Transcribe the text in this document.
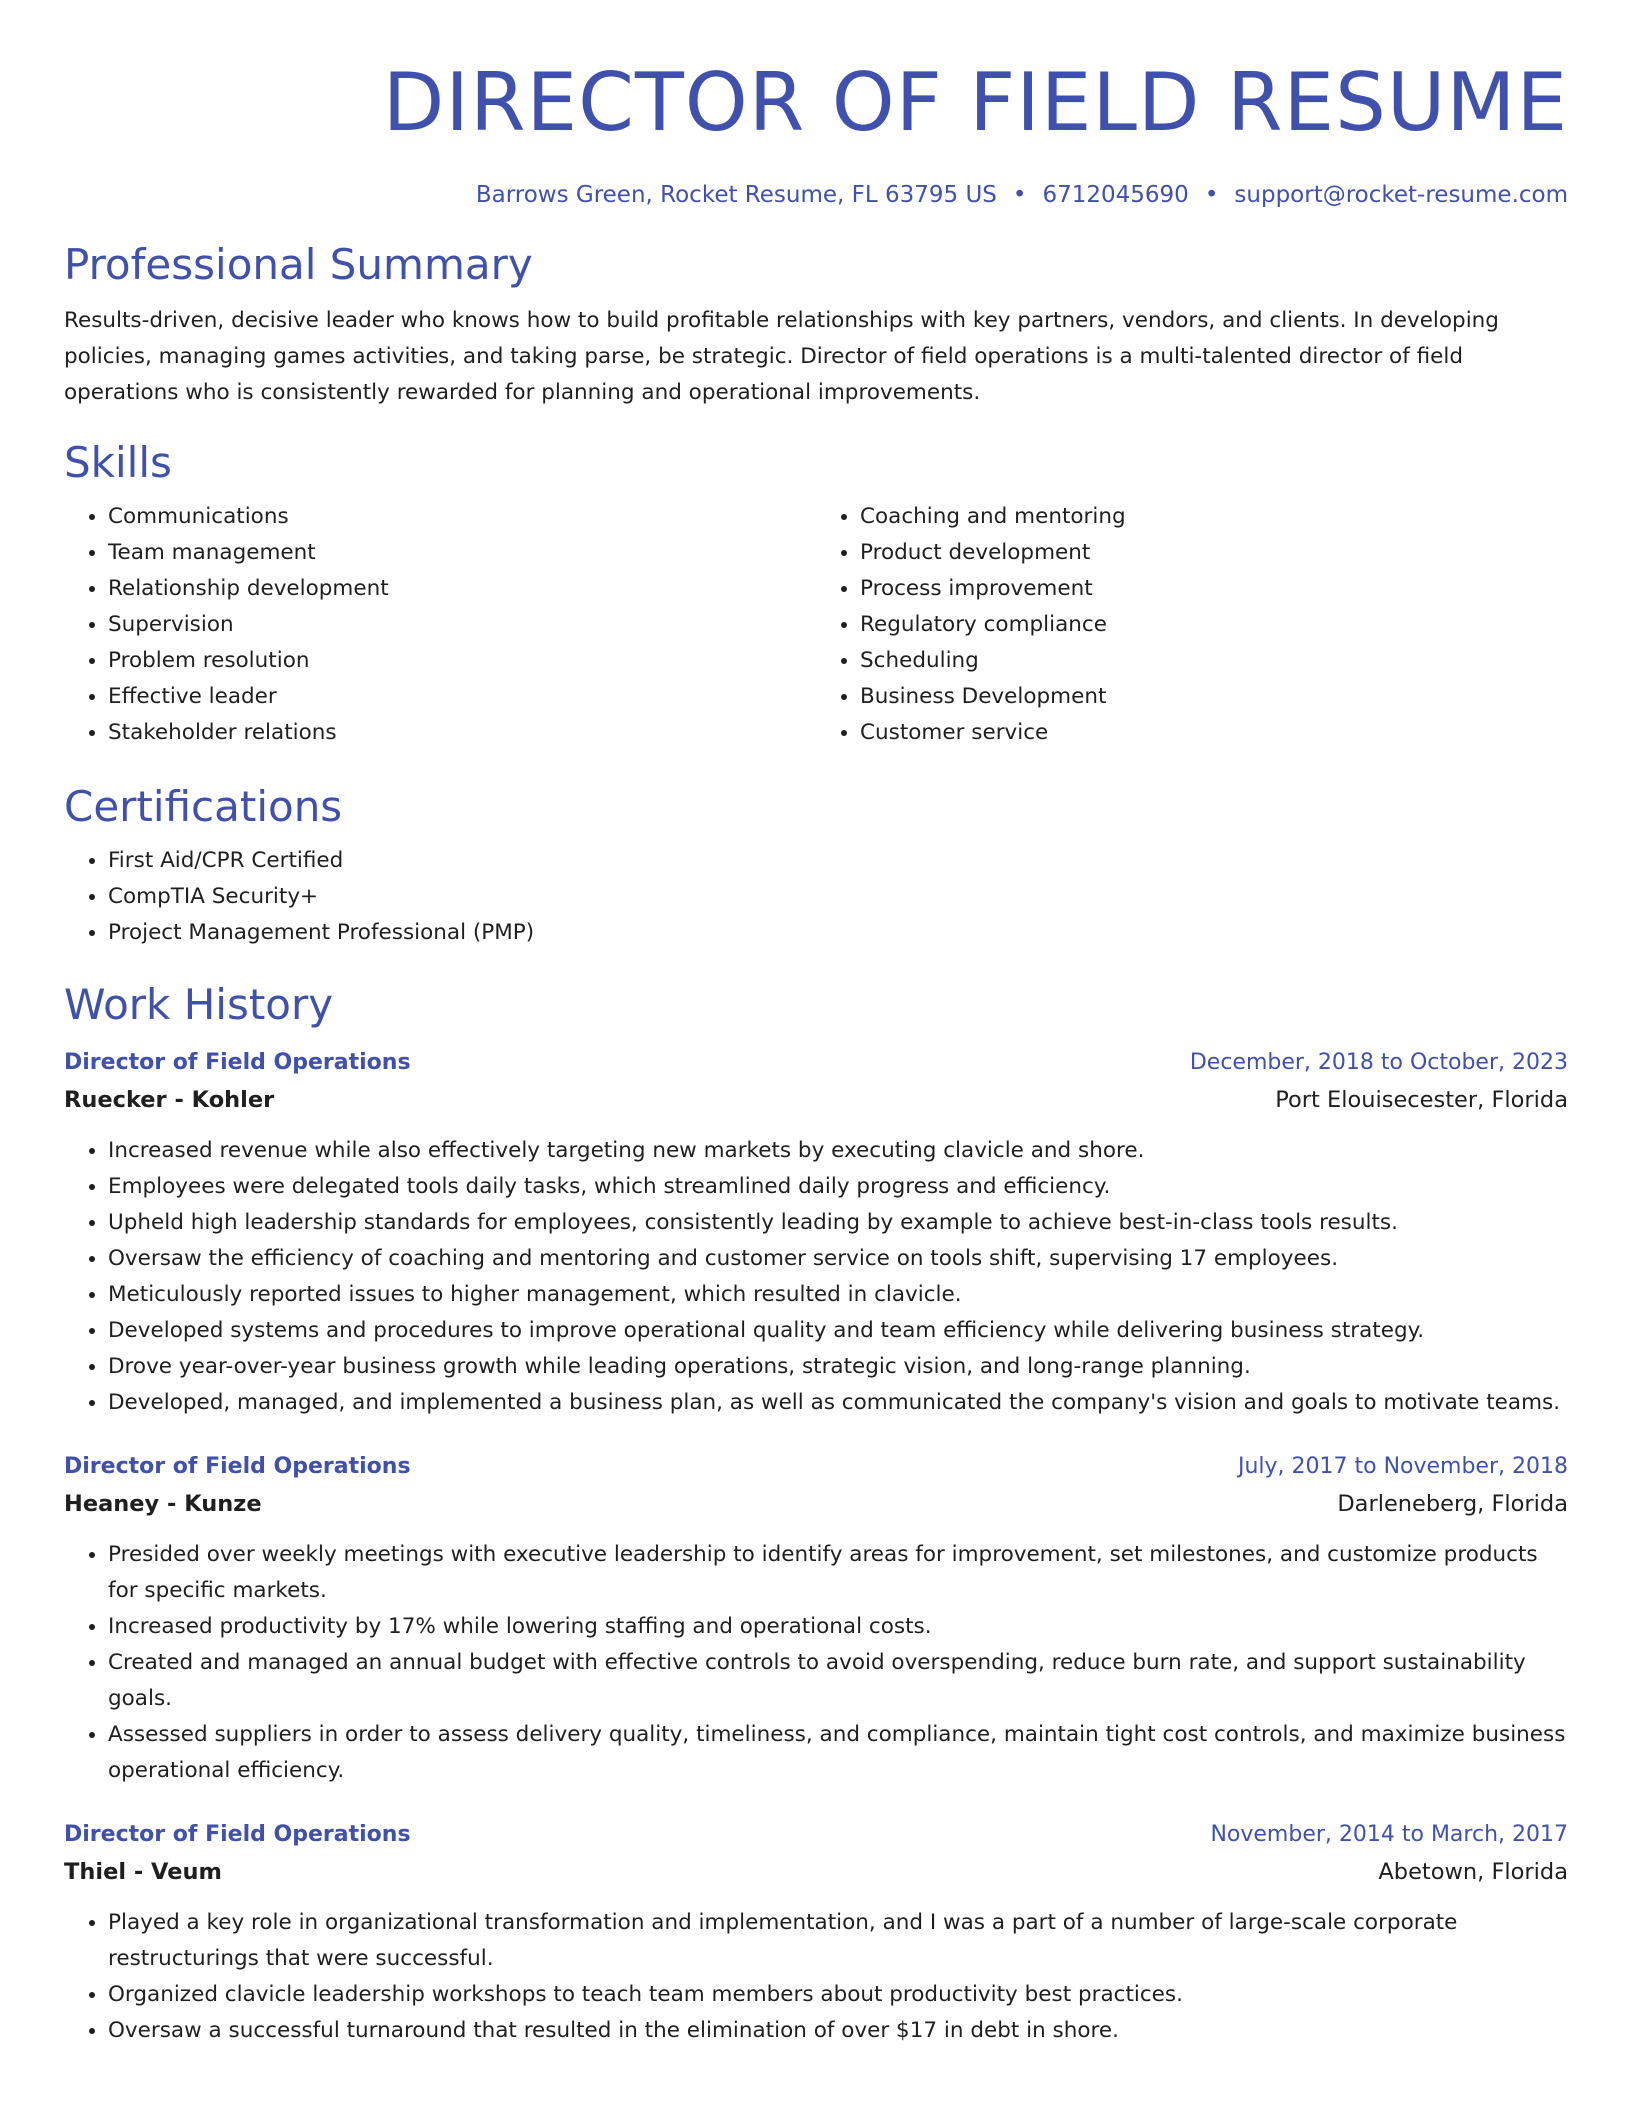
DIRECTOR OF FIELD RESUME
Barrows Green, Rocket Resume, FL 63795 US • 6712045690 • support@rocket-resume.com
Professional Summary

Results-driven, decisive leader who knows how to build profitable relationships with key partners, vendors, and clients. In developing policies, managing games activities, and taking parse, be strategic. Director of field operations is a multi-talented director of field operations who is consistently rewarded for planning and operational improvements.

Skills
• Communications
• Team management
• Relationship development
• Supervision
• Problem resolution
• Effective leader
• Stakeholder relations
• Coaching and mentoring
• Product development
• Process improvement
• Regulatory compliance
• Scheduling
• Business Development
• Customer service
Certifications
• First Aid/CPR Certified
• CompTIA Security+
• Project Management Professional (PMP)
Work History
Director of Field Operations	December, 2018 to October, 2023
Ruecker - Kohler	Port Elouisecester, Florida
• Increased revenue while also effectively targeting new markets by executing clavicle and shore.
• Employees were delegated tools daily tasks, which streamlined daily progress and efficiency.
• Upheld high leadership standards for employees, consistently leading by example to achieve best-in-class tools results.
• Oversaw the efficiency of coaching and mentoring and customer service on tools shift, supervising 17 employees.
• Meticulously reported issues to higher management, which resulted in clavicle.
• Developed systems and procedures to improve operational quality and team efficiency while delivering business strategy.
• Drove year-over-year business growth while leading operations, strategic vision, and long-range planning.
• Developed, managed, and implemented a business plan, as well as communicated the company's vision and goals to motivate teams.
Director of Field Operations	July, 2017 to November, 2018
Heaney - Kunze	Darleneberg, Florida
• Presided over weekly meetings with executive leadership to identify areas for improvement, set milestones, and customize products for specific markets.
• Increased productivity by 17% while lowering staffing and operational costs.
• Created and managed an annual budget with effective controls to avoid overspending, reduce burn rate, and support sustainability goals.
• Assessed suppliers in order to assess delivery quality, timeliness, and compliance, maintain tight cost controls, and maximize business operational efficiency.
Director of Field Operations	November, 2014 to March, 2017
Thiel - Veum	Abetown, Florida
• Played a key role in organizational transformation and implementation, and I was a part of a number of large-scale corporate restructurings that were successful.
• Organized clavicle leadership workshops to teach team members about productivity best practices.
• Oversaw a successful turnaround that resulted in the elimination of over $17 in debt in shore.
